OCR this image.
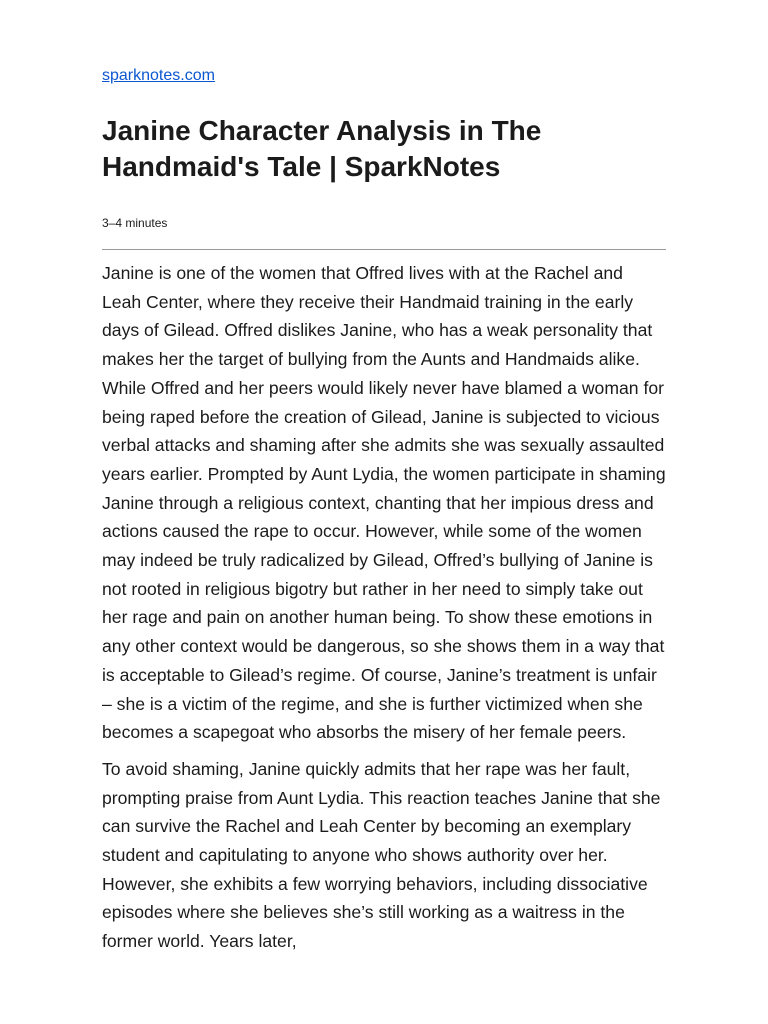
sparknotes.com
Janine Character Analysis in The Handmaid's Tale | SparkNotes
3–4 minutes

Janine is one of the women that Offred lives with at the Rachel and Leah Center, where they receive their Handmaid training in the early days of Gilead. Offred dislikes Janine, who has a weak personality that makes her the target of bullying from the Aunts and Handmaids alike. While Offred and her peers would likely never have blamed a woman for being raped before the creation of Gilead, Janine is subjected to vicious verbal attacks and shaming after she admits she was sexually assaulted years earlier. Prompted by Aunt Lydia, the women participate in shaming Janine through a religious context, chanting that her impious dress and actions caused the rape to occur. However, while some of the women may indeed be truly radicalized by Gilead, Offred’s bullying of Janine is not rooted in religious bigotry but rather in her need to simply take out her rage and pain on another human being. To show these emotions in any other context would be dangerous, so she shows them in a way that is acceptable to Gilead’s regime. Of course, Janine’s treatment is unfair – she is a victim of the regime, and she is further victimized when she becomes a scapegoat who absorbs the misery of her female peers.

To avoid shaming, Janine quickly admits that her rape was her fault, prompting praise from Aunt Lydia. This reaction teaches Janine that she can survive the Rachel and Leah Center by becoming an exemplary student and capitulating to anyone who shows authority over her. However, she exhibits a few worrying behaviors, including dissociative episodes where she believes she’s still working as a waitress in the former world. Years later,
